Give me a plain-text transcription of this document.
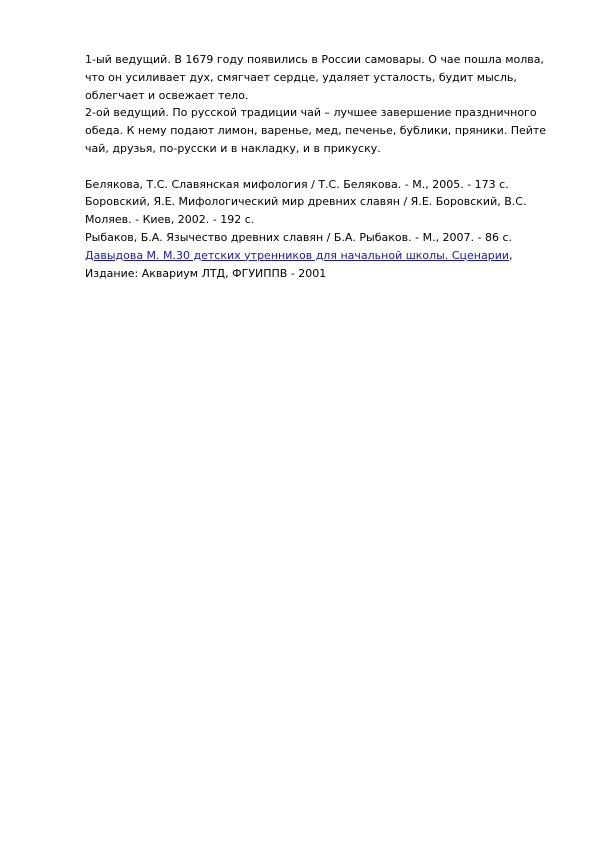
1-ый ведущий. В 1679 году появились в России самовары. О чае пошла молва, что он усиливает дух, смягчает сердце, удаляет усталость, будит мысль, облегчает и освежает тело.

2-ой ведущий. По русской традиции чай – лучшее завершение праздничного обеда. К нему подают лимон, варенье, мед, печенье, бублики, пряники. Пейте чай, друзья, по-русски и в накладку, и в прикуску.

Белякова, Т.С. Славянская мифология / Т.С. Белякова. - М., 2005. - 173 с.

Боровский, Я.Е. Мифологический мир древних славян / Я.Е. Боровский, В.С. Моляев. - Киев, 2002. - 192 с.

Рыбаков, Б.А. Язычество древних славян / Б.А. Рыбаков. - М., 2007. - 86 с.

Давыдова М. М.30 детских утренников для начальной школы. Сценарии,

Издание: Аквариум ЛТД, ФГУИППВ - 2001
